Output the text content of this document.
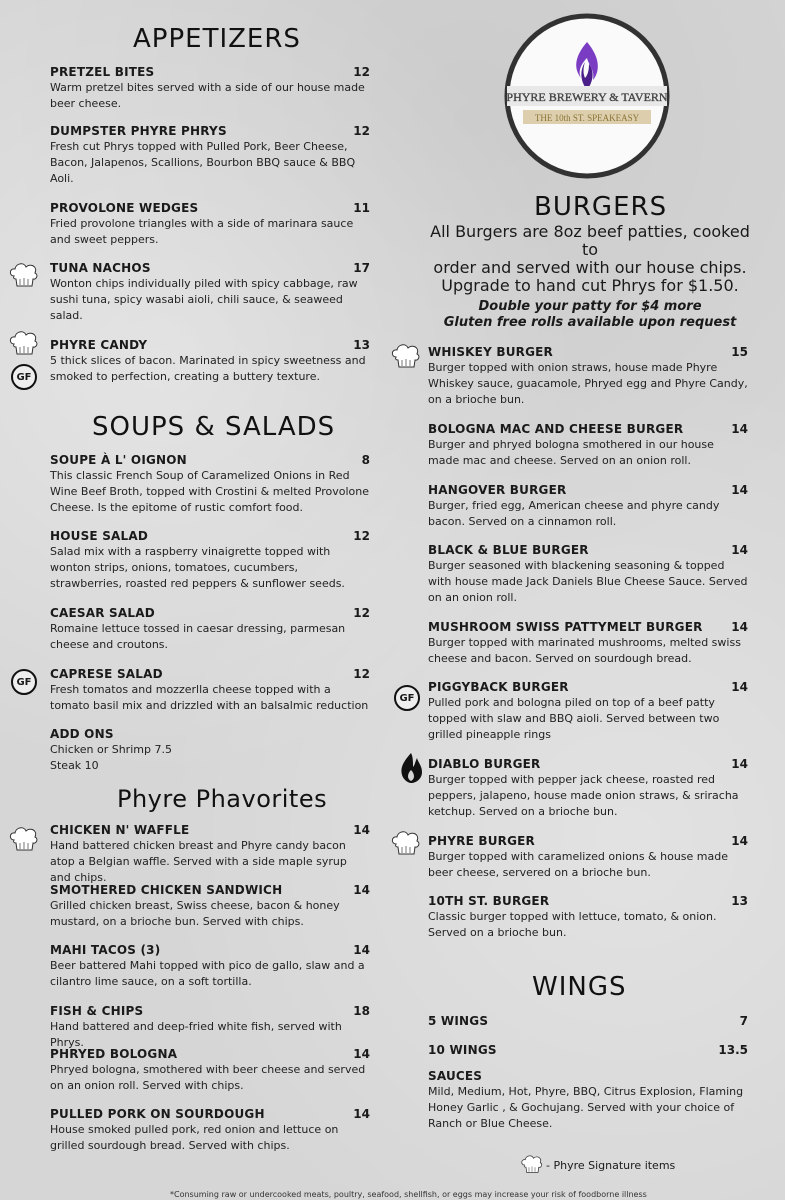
APPETIZERS
PRETZEL BITES	12
Warm pretzel bites served with a side of our house made beer cheese.
DUMPSTER PHYRE PHRYS	12
Fresh cut Phrys topped with Pulled Pork, Beer Cheese, Bacon, Jalapenos, Scallions, Bourbon BBQ sauce & BBQ Aoli.
PROVOLONE WEDGES	11
Fried provolone triangles with a side of marinara sauce and sweet peppers.
TUNA NACHOS	17
Wonton chips individually piled with spicy cabbage, raw sushi tuna, spicy wasabi aioli, chili sauce, & seaweed salad.
GF
PHYRE CANDY	13
5 thick slices of bacon. Marinated in spicy sweetness and smoked to perfection, creating a buttery texture.
SOUPS & SALADS
SOUPE À L' OIGNON	8
This classic French Soup of Caramelized Onions in Red Wine Beef Broth, topped with Crostini & melted Provolone Cheese. Is the epitome of rustic comfort food.
HOUSE SALAD	12
Salad mix with a raspberry vinaigrette topped with wonton strips, onions, tomatoes, cucumbers, strawberries, roasted red peppers & sunflower seeds.
CAESAR SALAD	12
Romaine lettuce tossed in caesar dressing, parmesan cheese and croutons.
GF
CAPRESE SALAD	12
Fresh tomatos and mozzerlla cheese topped with a tomato basil mix and drizzled with an balsalmic reduction
ADD ONS
Chicken or Shrimp 7.5
Steak 10
Phyre Phavorites
CHICKEN N' WAFFLE	14
Hand battered chicken breast and Phyre candy bacon atop a Belgian waffle. Served with a side maple syrup and chips.
SMOTHERED CHICKEN SANDWICH	14
Grilled chicken breast, Swiss cheese, bacon & honey mustard, on a brioche bun. Served with chips.
MAHI TACOS (3)	14
Beer battered Mahi topped with pico de gallo, slaw and a cilantro lime sauce, on a soft tortilla.
FISH & CHIPS	18
Hand battered and deep-fried white fish, served with Phrys.
PHRYED BOLOGNA	14
Phryed bologna, smothered with beer cheese and served on an onion roll. Served with chips.
PULLED PORK ON SOURDOUGH	14
House smoked pulled pork, red onion and lettuce on grilled sourdough bread. Served with chips.
PHYRE BREWERY & TAVERN
THE 10th ST. SPEAKEASY
BURGERS
All Burgers are 8oz beef patties, cooked to
order and served with our house chips.
Upgrade to hand cut Phrys for $1.50.
Double your patty for $4 more
Gluten free rolls available upon request
WHISKEY BURGER	15
Burger topped with onion straws, house made Phyre Whiskey sauce, guacamole, Phryed egg and Phyre Candy, on a brioche bun.
BOLOGNA MAC AND CHEESE BURGER	14
Burger and phryed bologna smothered in our house made mac and cheese. Served on an onion roll.
HANGOVER BURGER	14
Burger, fried egg, American cheese and phyre candy bacon. Served on a cinnamon roll.
BLACK & BLUE BURGER	14
Burger seasoned with blackening seasoning & topped with house made Jack Daniels Blue Cheese Sauce. Served on an onion roll.
MUSHROOM SWISS PATTYMELT BURGER 14
Burger topped with marinated mushrooms, melted swiss cheese and bacon. Served on sourdough bread.
GF
PIGGYBACK BURGER	14
Pulled pork and bologna piled on top of a beef patty topped with slaw and BBQ aioli. Served between two grilled pineapple rings
DIABLO BURGER	14
Burger topped with pepper jack cheese, roasted red peppers, jalapeno, house made onion straws, & sriracha ketchup. Served on a brioche bun.
PHYRE BURGER	14
Burger topped with caramelized onions & house made beer cheese, servered on a brioche bun.
10TH ST. BURGER	13
Classic burger topped with lettuce, tomato, & onion. Served on a brioche bun.
WINGS
5 WINGS	7
10 WINGS	13.5
SAUCES
Mild, Medium, Hot, Phyre, BBQ, Citrus Explosion, Flaming Honey Garlic , & Gochujang. Served with your choice of Ranch or Blue Cheese.
- Phyre Signature items
*Consuming raw or undercooked meats, poultry, seafood, shellfish, or eggs may increase your risk of foodborne illness
